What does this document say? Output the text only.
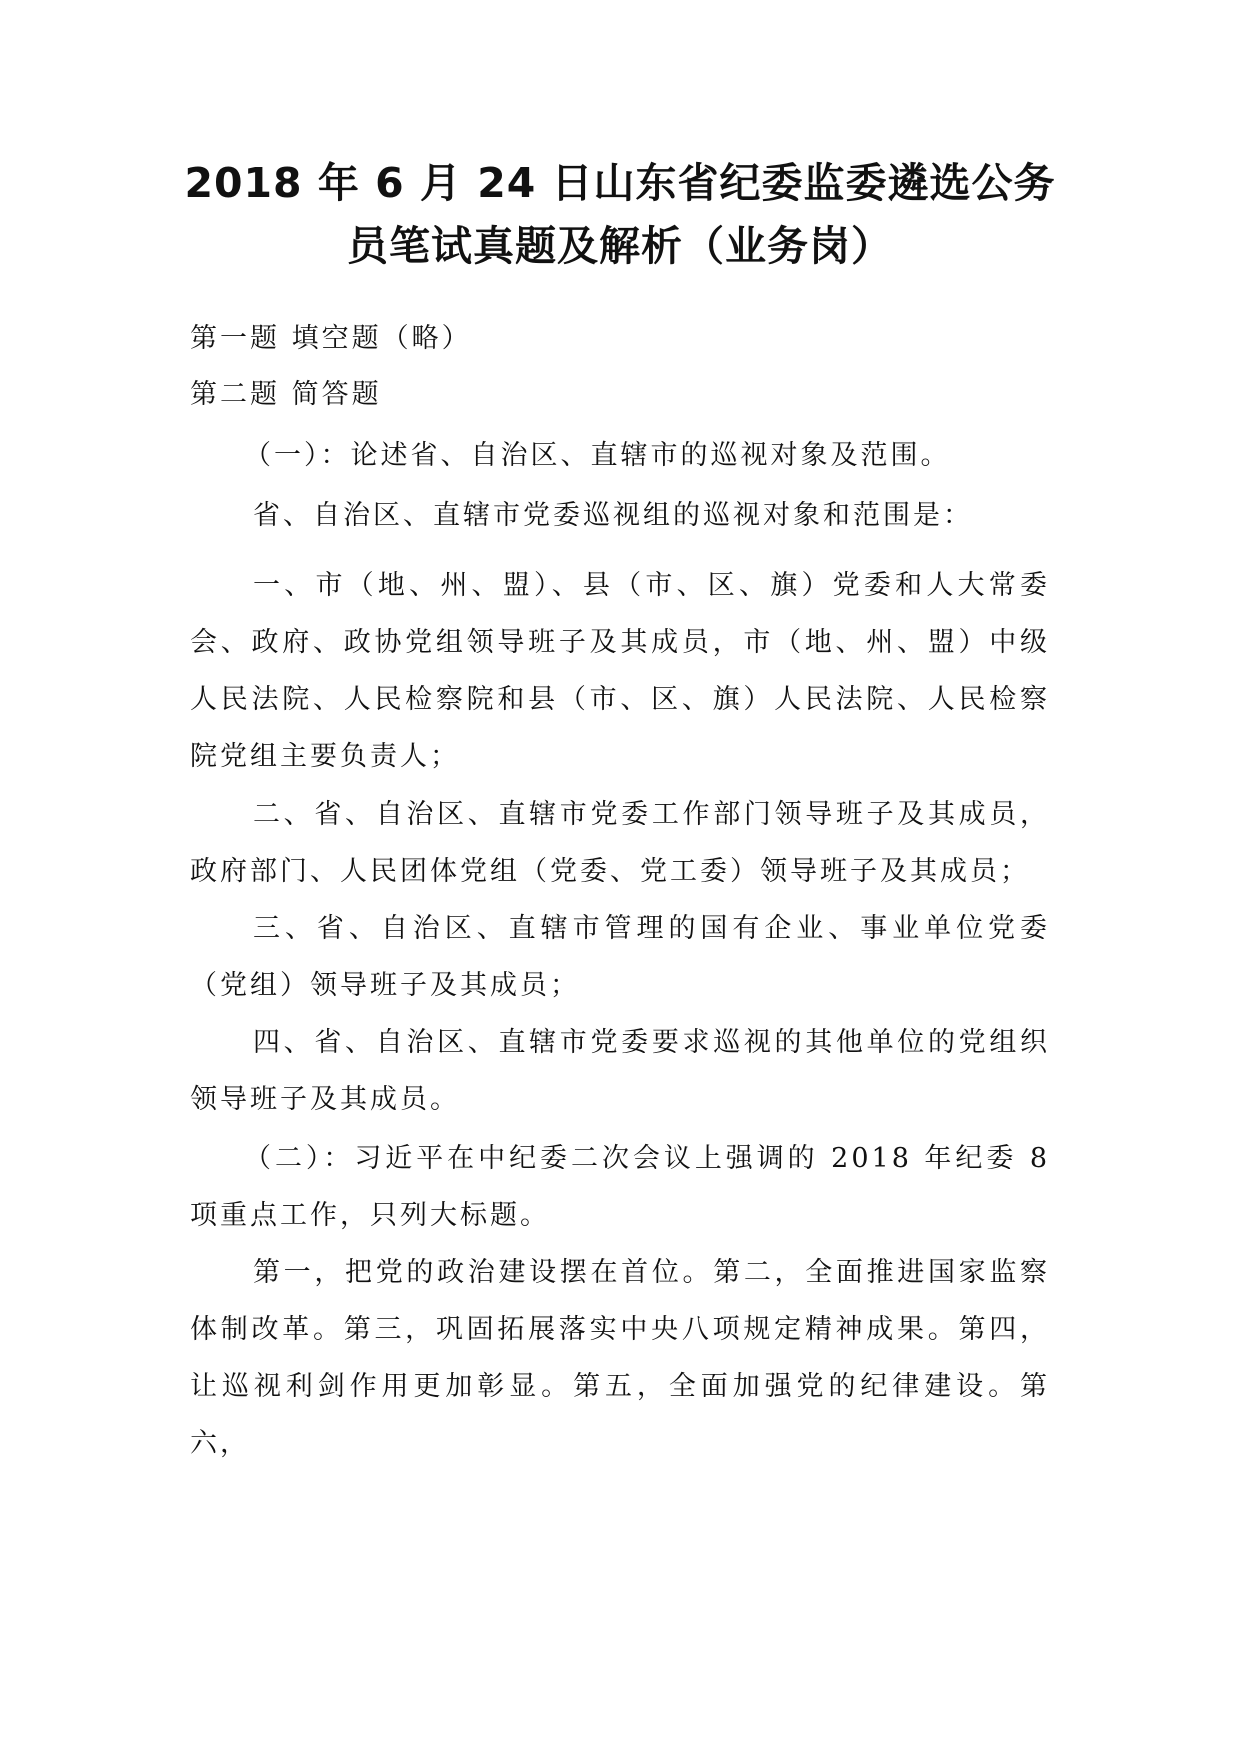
2018 年 6 月 24 日山东省纪委监委遴选公务
员笔试真题及解析（业务岗）

第一题 填空题（略）

第二题 简答题

（一）：论述省、自治区、直辖市的巡视对象及范围。

省、自治区、直辖市党委巡视组的巡视对象和范围是：

一、市（地、州、盟）、县（市、区、旗）党委和人大常委会、政府、政协党组领导班子及其成员，市（地、州、盟）中级人民法院、人民检察院和县（市、区、旗）人民法院、人民检察院党组主要负责人；

二、省、自治区、直辖市党委工作部门领导班子及其成员，政府部门、人民团体党组（党委、党工委）领导班子及其成员；

三、省、自治区、直辖市管理的国有企业、事业单位党委（党组）领导班子及其成员；

四、省、自治区、直辖市党委要求巡视的其他单位的党组织领导班子及其成员。

（二）：习近平在中纪委二次会议上强调的 2018 年纪委 8 项重点工作，只列大标题。

第一，把党的政治建设摆在首位。第二，全面推进国家监察体制改革。第三，巩固拓展落实中央八项规定精神成果。第四，让巡视利剑作用更加彰显。第五，全面加强党的纪律建设。第六，
